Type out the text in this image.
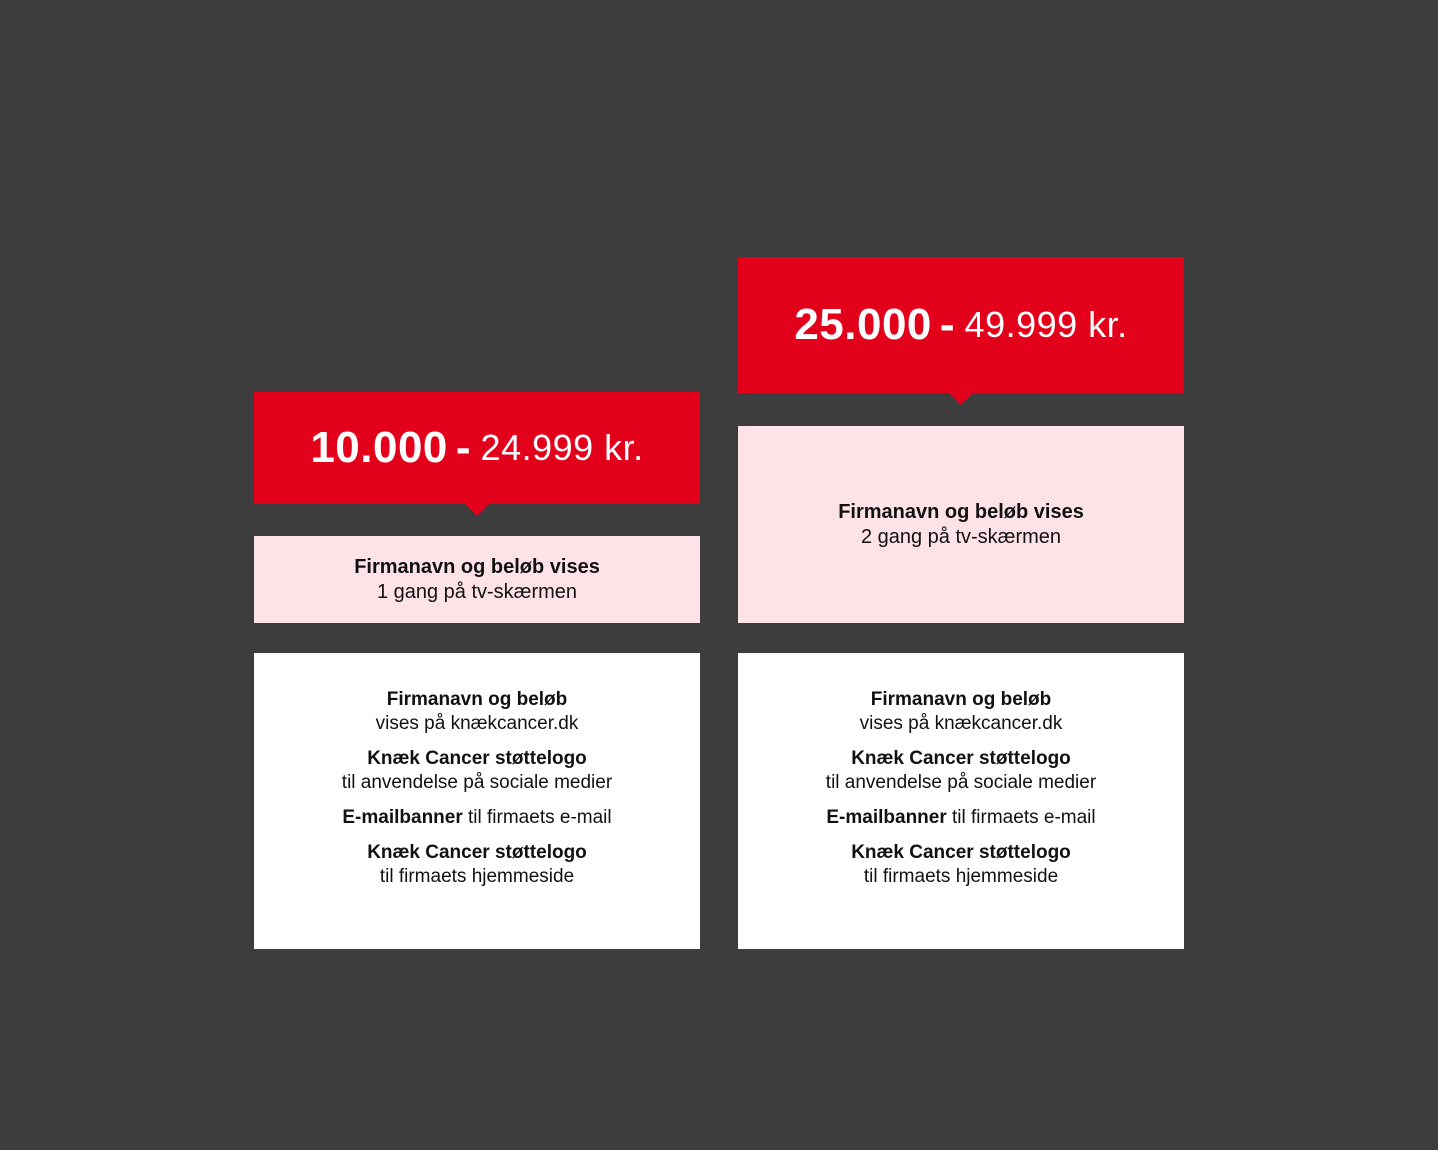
10.000 - 24.999 kr.
Firmanavn og beløb vises
1 gang på tv-skærmen
Firmanavn og beløb
vises på knækcancer.dk
Knæk Cancer støttelogo
til anvendelse på sociale medier
E-mailbanner til firmaets e-mail
Knæk Cancer støttelogo
til firmaets hjemmeside
25.000 - 49.999 kr.
Firmanavn og beløb vises
2 gang på tv-skærmen
Firmanavn og beløb
vises på knækcancer.dk
Knæk Cancer støttelogo
til anvendelse på sociale medier
E-mailbanner til firmaets e-mail
Knæk Cancer støttelogo
til firmaets hjemmeside
